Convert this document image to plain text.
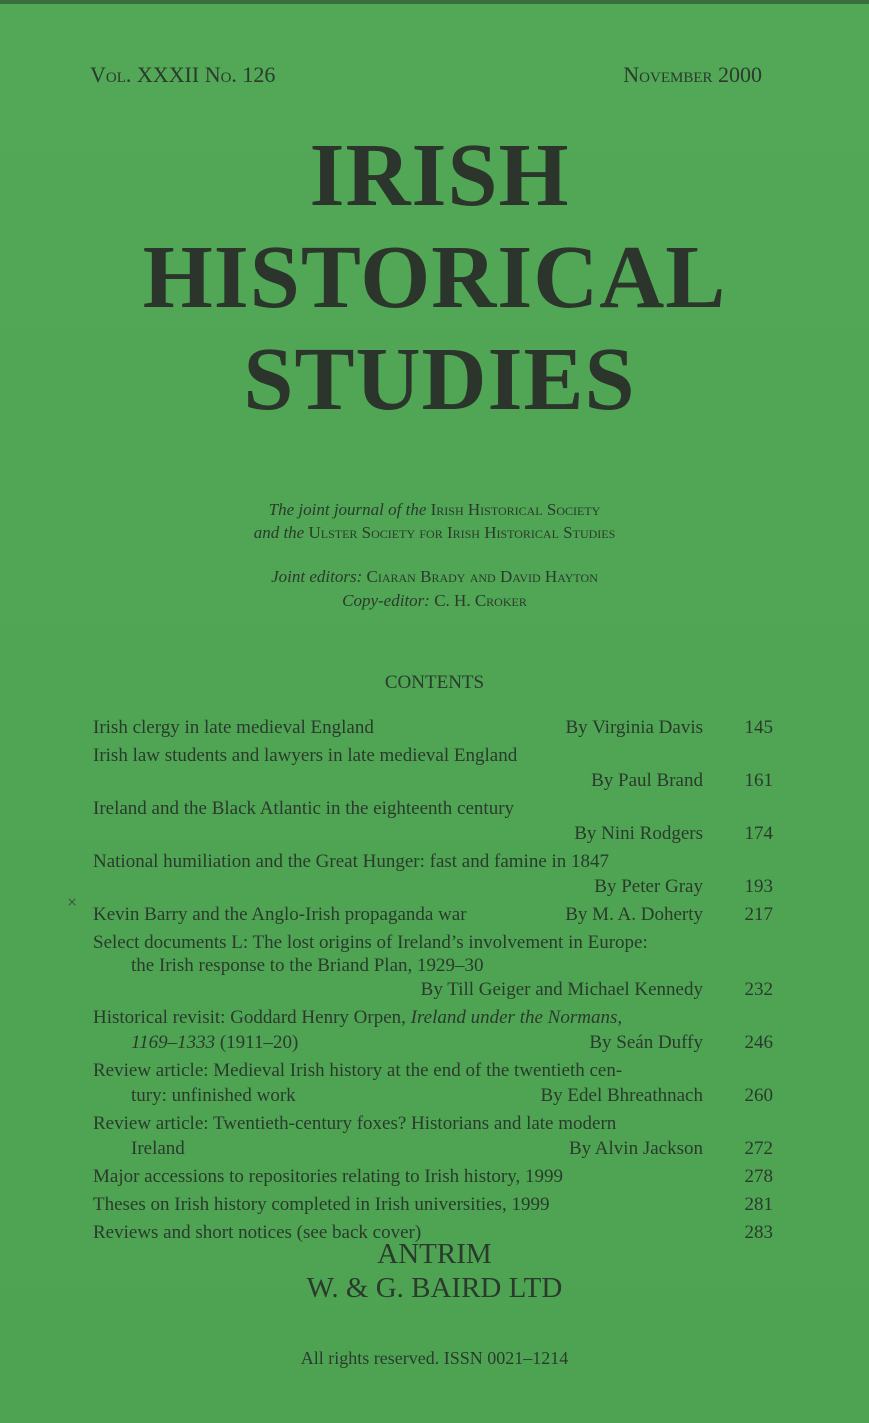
Vol. XXXII No. 126	November 2000
IRISH
HISTORICAL
STUDIES
The joint journal of the Irish Historical Society
and the Ulster Society for Irish Historical Studies
Joint editors: Ciaran Brady and David Hayton
Copy-editor: C. H. Croker
CONTENTS
×
Irish clergy in late medieval England	By Virginia Davis	145
Irish law students and lawyers in late medieval England
By Paul Brand	161
Ireland and the Black Atlantic in the eighteenth century
By Nini Rodgers	174
National humiliation and the Great Hunger: fast and famine in 1847
By Peter Gray	193
Kevin Barry and the Anglo-Irish propaganda war	By M. A. Doherty	217
Select documents L: The lost origins of Ireland’s involvement in Europe:
the Irish response to the Briand Plan, 1929–30
By Till Geiger and Michael Kennedy	232
Historical revisit: Goddard Henry Orpen, Ireland under the Normans,
1169–1333 (1911–20)	By Seán Duffy	246
Review article: Medieval Irish history at the end of the twentieth cen-
tury: unfinished work	By Edel Bhreathnach	260
Review article: Twentieth-century foxes? Historians and late modern
Ireland	By Alvin Jackson	272
Major accessions to repositories relating to Irish history, 1999	278
Theses on Irish history completed in Irish universities, 1999	281
Reviews and short notices (see back cover)	283
ANTRIM
W. & G. BAIRD LTD
All rights reserved. ISSN 0021–1214
